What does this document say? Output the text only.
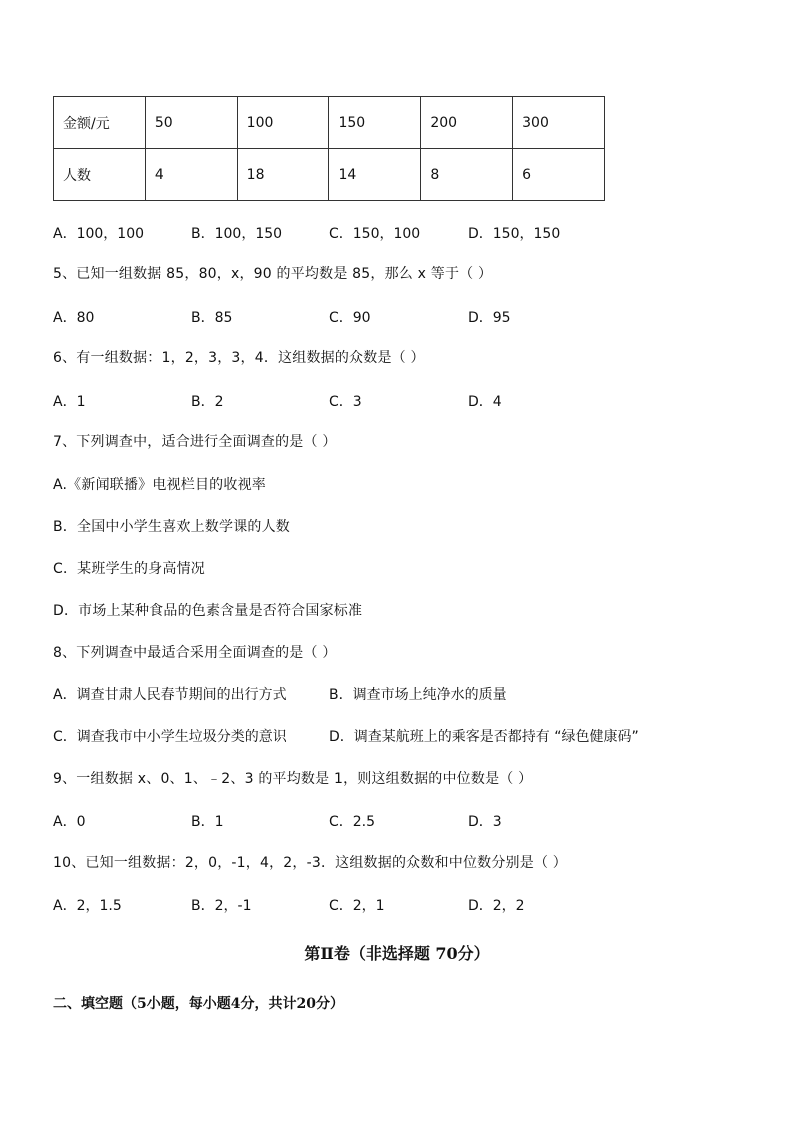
金额/元	50	100	150	200	300
人数	4	18	14	8	6
A．100，100	B．100，150	C．150，100	D．150，150
5、已知一组数据 85，80，x，90 的平均数是 85，那么 x 等于（ ）
A．80	B．85	C．90	D．95
6、有一组数据：1，2，3，3，4．这组数据的众数是（ ）
A．1	B．2	C．3	D．4
7、下列调查中，适合进行全面调查的是（ ）
A.《新闻联播》电视栏目的收视率
B．全国中小学生喜欢上数学课的人数
C．某班学生的身高情况
D．市场上某种食品的色素含量是否符合国家标准
8、下列调查中最适合采用全面调查的是（ ）
A．调查甘肃人民春节期间的出行方式	B．调查市场上纯净水的质量
C．调查我市中小学生垃圾分类的意识	D．调查某航班上的乘客是否都持有 “绿色健康码”
9、一组数据 x、0、1、﹣2、3 的平均数是 1，则这组数据的中位数是（ ）
A．0	B．1	C．2.5	D．3
10、已知一组数据：2，0，-1，4，2，-3．这组数据的众数和中位数分别是（ ）
A．2，1.5	B．2，-1	C．2，1	D．2，2
第Ⅱ卷（非选择题 70分）
二、填空题（5小题，每小题4分，共计20分）
